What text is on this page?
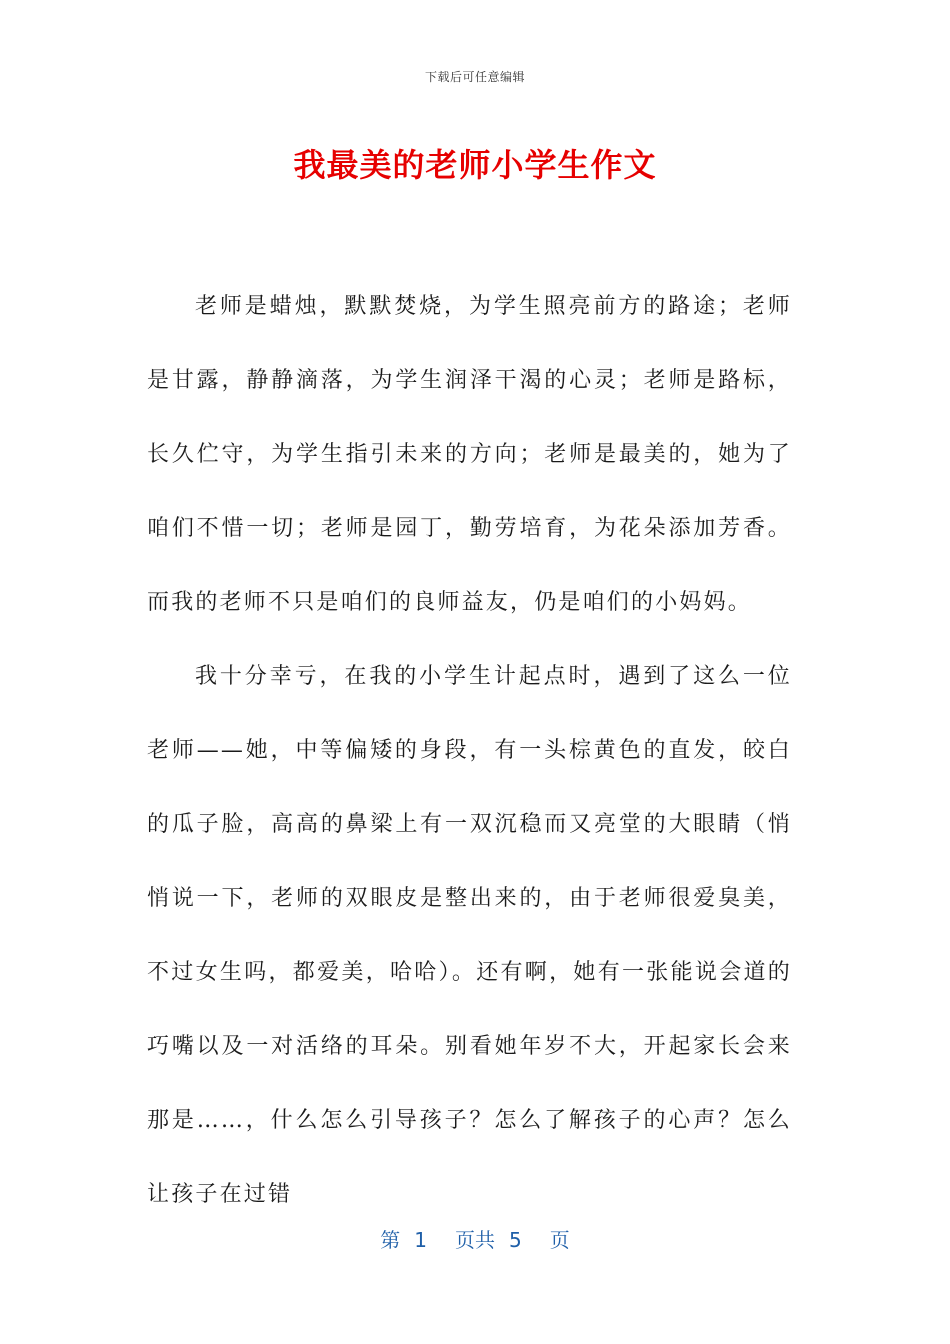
下载后可任意编辑
我最美的老师小学生作文

老师是蜡烛，默默焚烧，为学生照亮前方的路途；老师是甘露，静静滴落，为学生润泽干渴的心灵；老师是路标，长久伫守，为学生指引未来的方向；老师是最美的，她为了咱们不惜一切；老师是园丁，勤劳培育，为花朵添加芳香。而我的老师不只是咱们的良师益友，仍是咱们的小妈妈。

我十分幸亏，在我的小学生计起点时，遇到了这么一位老师——她，中等偏矮的身段，有一头棕黄色的直发，皎白的瓜子脸，高高的鼻梁上有一双沉稳而又亮堂的大眼睛（悄悄说一下，老师的双眼皮是整出来的，由于老师很爱臭美，不过女生吗，都爱美，哈哈）。还有啊，她有一张能说会道的巧嘴以及一对活络的耳朵。别看她年岁不大，开起家长会来那是……，什么怎么引导孩子？怎么了解孩子的心声？怎么让孩子在过错

第 1 页共 5 页
